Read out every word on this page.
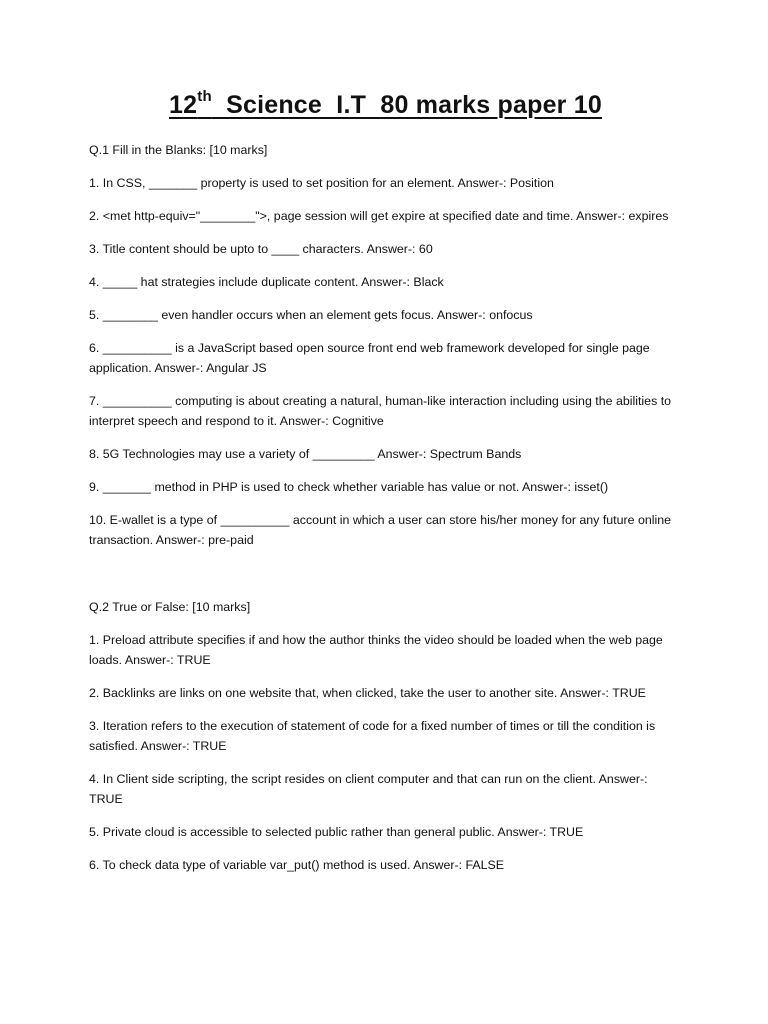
12th  Science  I.T  80 marks paper 10

Q.1 Fill in the Blanks: [10 marks]

1. In CSS, _______ property is used to set position for an element. Answer-: Position

2. <met http-equiv="________">, page session will get expire at specified date and time. Answer-: expires

3. Title content should be upto to ____ characters. Answer-: 60

4. _____ hat strategies include duplicate content. Answer-: Black

5. ________ even handler occurs when an element gets focus. Answer-: onfocus

6. __________ is a JavaScript based open source front end web framework developed for single page application. Answer-: Angular JS

7. __________ computing is about creating a natural, human-like interaction including using the abilities to interpret speech and respond to it. Answer-: Cognitive

8. 5G Technologies may use a variety of _________ Answer-: Spectrum Bands

9. _______ method in PHP is used to check whether variable has value or not. Answer-: isset()

10. E-wallet is a type of __________ account in which a user can store his/her money for any future online transaction. Answer-: pre-paid

Q.2 True or False: [10 marks]

1. Preload attribute specifies if and how the author thinks the video should be loaded when the web page loads. Answer-: TRUE

2. Backlinks are links on one website that, when clicked, take the user to another site. Answer-: TRUE

3. Iteration refers to the execution of statement of code for a fixed number of times or till the condition is satisfied. Answer-: TRUE

4. In Client side scripting, the script resides on client computer and that can run on the client. Answer-: TRUE

5. Private cloud is accessible to selected public rather than general public. Answer-: TRUE

6. To check data type of variable var_put() method is used. Answer-: FALSE
